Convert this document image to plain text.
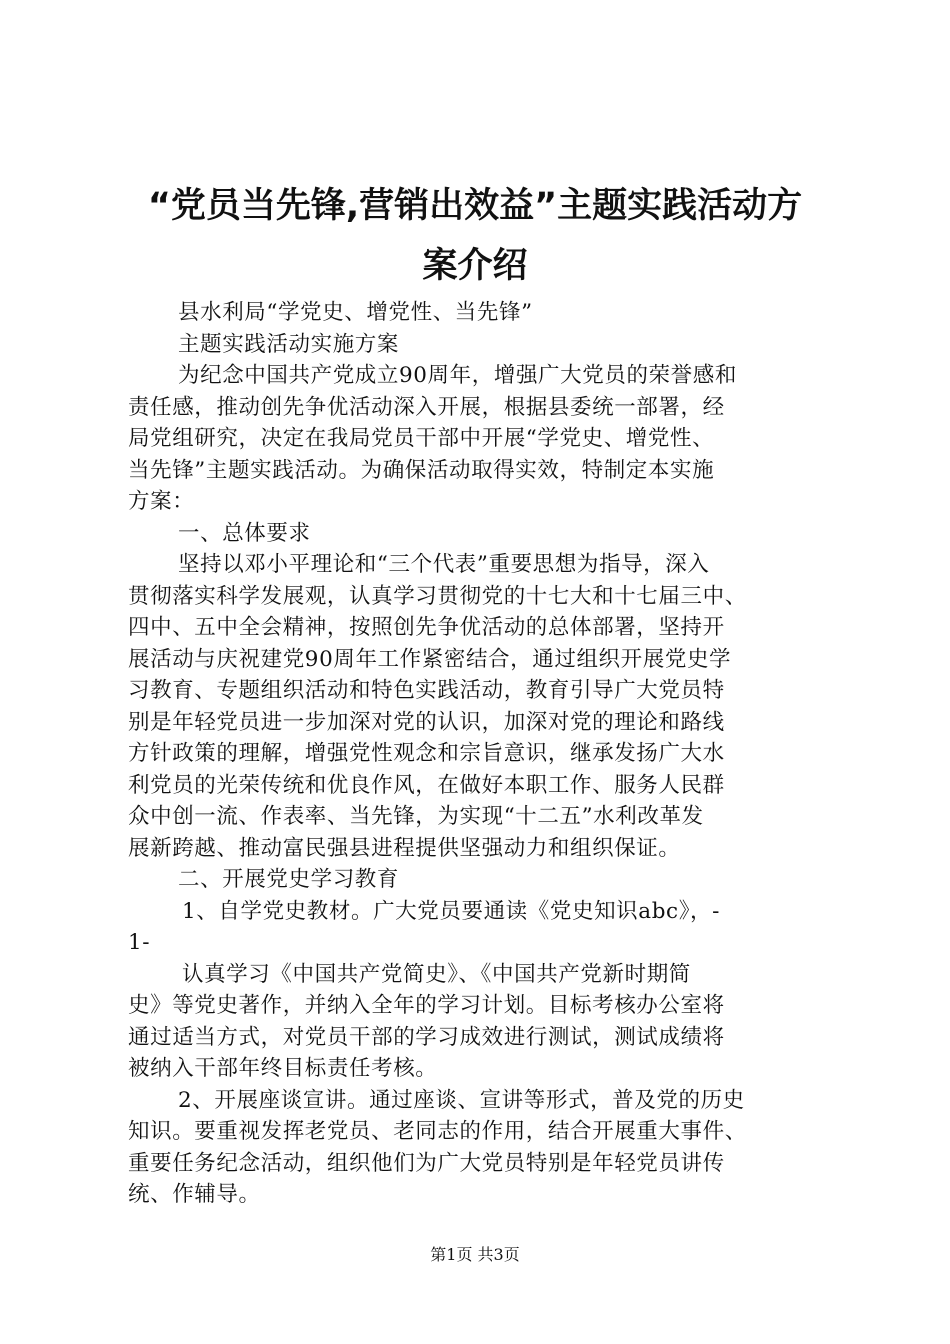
“党员当先锋,营销出效益”主题实践活动方
案介绍
县水利局“学党史、增党性、当先锋”
主题实践活动实施方案
为纪念中国共产党成立90周年，增强广大党员的荣誉感和
责任感，推动创先争优活动深入开展，根据县委统一部署，经
局党组研究，决定在我局党员干部中开展“学党史、增党性、
当先锋”主题实践活动。为确保活动取得实效，特制定本实施
方案：
一、总体要求
坚持以邓小平理论和“三个代表”重要思想为指导，深入
贯彻落实科学发展观，认真学习贯彻党的十七大和十七届三中、
四中、五中全会精神，按照创先争优活动的总体部署，坚持开
展活动与庆祝建党90周年工作紧密结合，通过组织开展党史学
习教育、专题组织活动和特色实践活动，教育引导广大党员特
别是年轻党员进一步加深对党的认识，加深对党的理论和路线
方针政策的理解，增强党性观念和宗旨意识，继承发扬广大水
利党员的光荣传统和优良作风，在做好本职工作、服务人民群
众中创一流、作表率、当先锋，为实现“十二五”水利改革发
展新跨越、推动富民强县进程提供坚强动力和组织保证。
二、开展党史学习教育
1、自学党史教材。广大党员要通读《党史知识abc》，-
1-
认真学习《中国共产党简史》、《中国共产党新时期简
史》等党史著作，并纳入全年的学习计划。目标考核办公室将
通过适当方式，对党员干部的学习成效进行测试，测试成绩将
被纳入干部年终目标责任考核。
2、开展座谈宣讲。通过座谈、宣讲等形式，普及党的历史
知识。要重视发挥老党员、老同志的作用，结合开展重大事件、
重要任务纪念活动，组织他们为广大党员特别是年轻党员讲传
统、作辅导。
第1页 共3页
